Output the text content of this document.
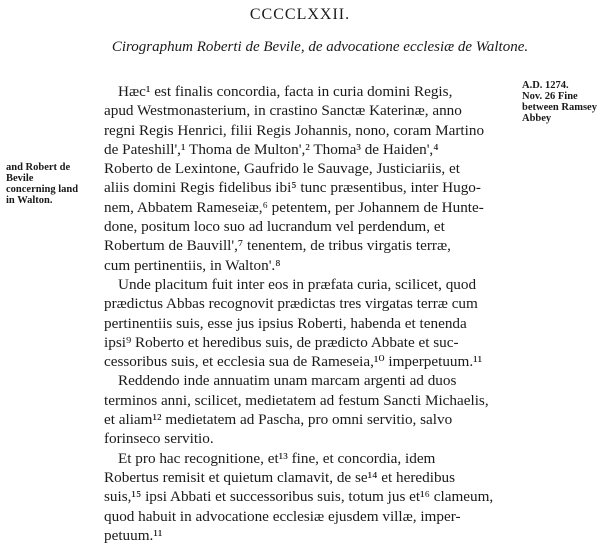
CCCCLXXII.
Cirographum Roberti de Bevile, de advocatione ecclesiæ de Waltone.
A.D. 1274.
Nov. 26 Fine between Ramsey Abbey
and Robert de Bevile concerning land in Walton.
Hæc¹ est finalis concordia, facta in curia domini Regis,
apud Westmonasterium, in crastino Sanctæ Katerinæ, anno
regni Regis Henrici, filii Regis Johannis, nono, coram Martino
de Pateshill',¹ Thoma de Multon',² Thoma³ de Haiden',⁴
Roberto de Lexintone, Gaufrido le Sauvage, Justiciariis, et
aliis domini Regis fidelibus ibi⁵ tunc præsentibus, inter Hugo-
nem, Abbatem Rameseiæ,⁶ petentem, per Johannem de Hunte-
done, positum loco suo ad lucrandum vel perdendum, et
Robertum de Bauvill',⁷ tenentem, de tribus virgatis terræ,
cum pertinentiis, in Walton'.⁸
Unde placitum fuit inter eos in præfata curia, scilicet, quod
prædictus Abbas recognovit prædictas tres virgatas terræ cum
pertinentiis suis, esse jus ipsius Roberti, habenda et tenenda
ipsi⁹ Roberto et heredibus suis, de prædicto Abbate et suc-
cessoribus suis, et ecclesia sua de Rameseia,¹⁰ imperpetuum.¹¹
Reddendo inde annuatim unam marcam argenti ad duos
terminos anni, scilicet, medietatem ad festum Sancti Michaelis,
et aliam¹² medietatem ad Pascha, pro omni servitio, salvo
forinseco servitio.
Et pro hac recognitione, et¹³ fine, et concordia, idem
Robertus remisit et quietum clamavit, de se¹⁴ et heredibus
suis,¹⁵ ipsi Abbati et successoribus suis, totum jus et¹⁶ clameum,
quod habuit in advocatione ecclesiæ ejusdem villæ, imper-
petuum.¹¹
